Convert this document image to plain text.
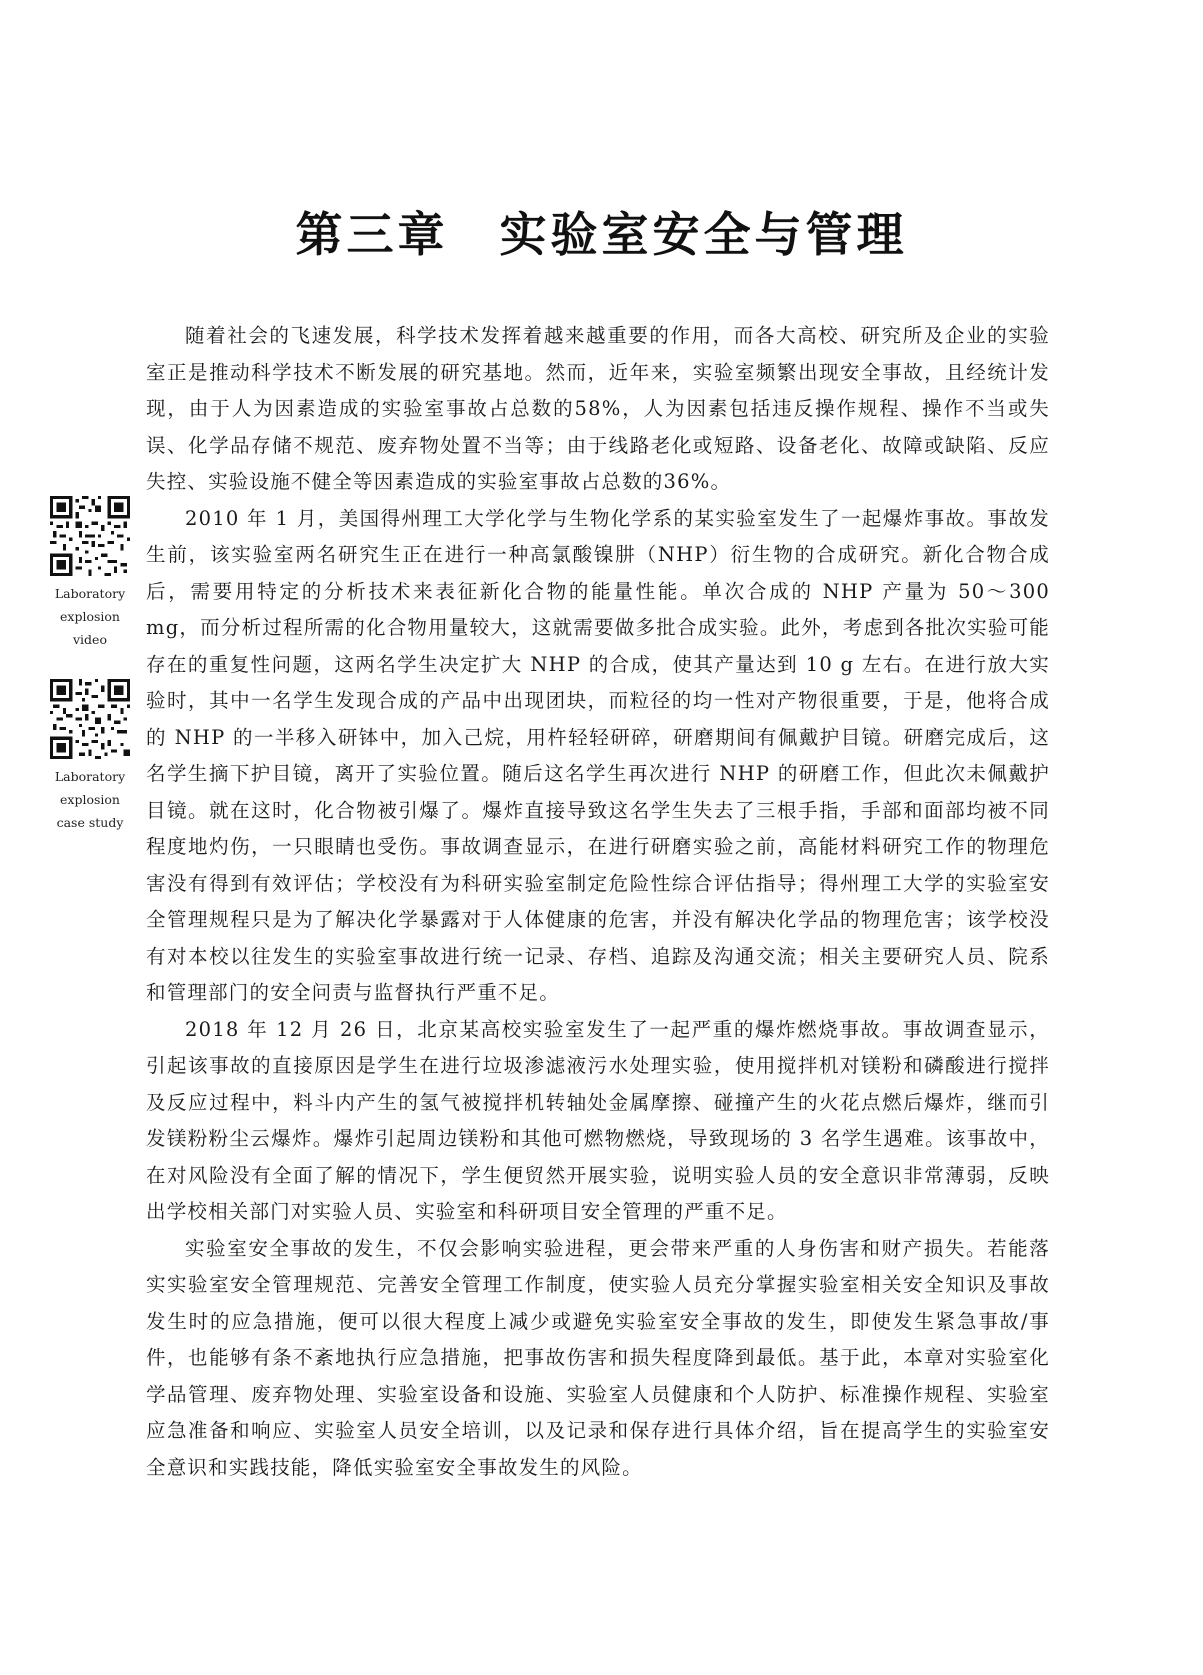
第三章　实验室安全与管理
Laboratory
explosion
video
Laboratory
explosion
case study

随着社会的飞速发展，科学技术发挥着越来越重要的作用，而各大高校、研究所及企业的实验室正是推动科学技术不断发展的研究基地。然而，近年来，实验室频繁出现安全事故，且经统计发现，由于人为因素造成的实验室事故占总数的58%，人为因素包括违反操作规程、操作不当或失误、化学品存储不规范、废弃物处置不当等；由于线路老化或短路、设备老化、故障或缺陷、反应失控、实验设施不健全等因素造成的实验室事故占总数的36%。

2010 年 1 月，美国得州理工大学化学与生物化学系的某实验室发生了一起爆炸事故。事故发生前，该实验室两名研究生正在进行一种高氯酸镍肼（NHP）衍生物的合成研究。新化合物合成后，需要用特定的分析技术来表征新化合物的能量性能。单次合成的 NHP 产量为 50～300 mg，而分析过程所需的化合物用量较大，这就需要做多批合成实验。此外，考虑到各批次实验可能存在的重复性问题，这两名学生决定扩大 NHP 的合成，使其产量达到 10 g 左右。在进行放大实验时，其中一名学生发现合成的产品中出现团块，而粒径的均一性对产物很重要，于是，他将合成的 NHP 的一半移入研钵中，加入己烷，用杵轻轻研碎，研磨期间有佩戴护目镜。研磨完成后，这名学生摘下护目镜，离开了实验位置。随后这名学生再次进行 NHP 的研磨工作，但此次未佩戴护目镜。就在这时，化合物被引爆了。爆炸直接导致这名学生失去了三根手指，手部和面部均被不同程度地灼伤，一只眼睛也受伤。事故调查显示，在进行研磨实验之前，高能材料研究工作的物理危害没有得到有效评估；学校没有为科研实验室制定危险性综合评估指导；得州理工大学的实验室安全管理规程只是为了解决化学暴露对于人体健康的危害，并没有解决化学品的物理危害；该学校没有对本校以往发生的实验室事故进行统一记录、存档、追踪及沟通交流；相关主要研究人员、院系和管理部门的安全问责与监督执行严重不足。

2018 年 12 月 26 日，北京某高校实验室发生了一起严重的爆炸燃烧事故。事故调查显示，引起该事故的直接原因是学生在进行垃圾渗滤液污水处理实验，使用搅拌机对镁粉和磷酸进行搅拌及反应过程中，料斗内产生的氢气被搅拌机转轴处金属摩擦、碰撞产生的火花点燃后爆炸，继而引发镁粉粉尘云爆炸。爆炸引起周边镁粉和其他可燃物燃烧，导致现场的 3 名学生遇难。该事故中，在对风险没有全面了解的情况下，学生便贸然开展实验，说明实验人员的安全意识非常薄弱，反映出学校相关部门对实验人员、实验室和科研项目安全管理的严重不足。

实验室安全事故的发生，不仅会影响实验进程，更会带来严重的人身伤害和财产损失。若能落实实验室安全管理规范、完善安全管理工作制度，使实验人员充分掌握实验室相关安全知识及事故发生时的应急措施，便可以很大程度上减少或避免实验室安全事故的发生，即使发生紧急事故/事件，也能够有条不紊地执行应急措施，把事故伤害和损失程度降到最低。基于此，本章对实验室化学品管理、废弃物处理、实验室设备和设施、实验室人员健康和个人防护、标准操作规程、实验室应急准备和响应、实验室人员安全培训，以及记录和保存进行具体介绍，旨在提高学生的实验室安全意识和实践技能，降低实验室安全事故发生的风险。
